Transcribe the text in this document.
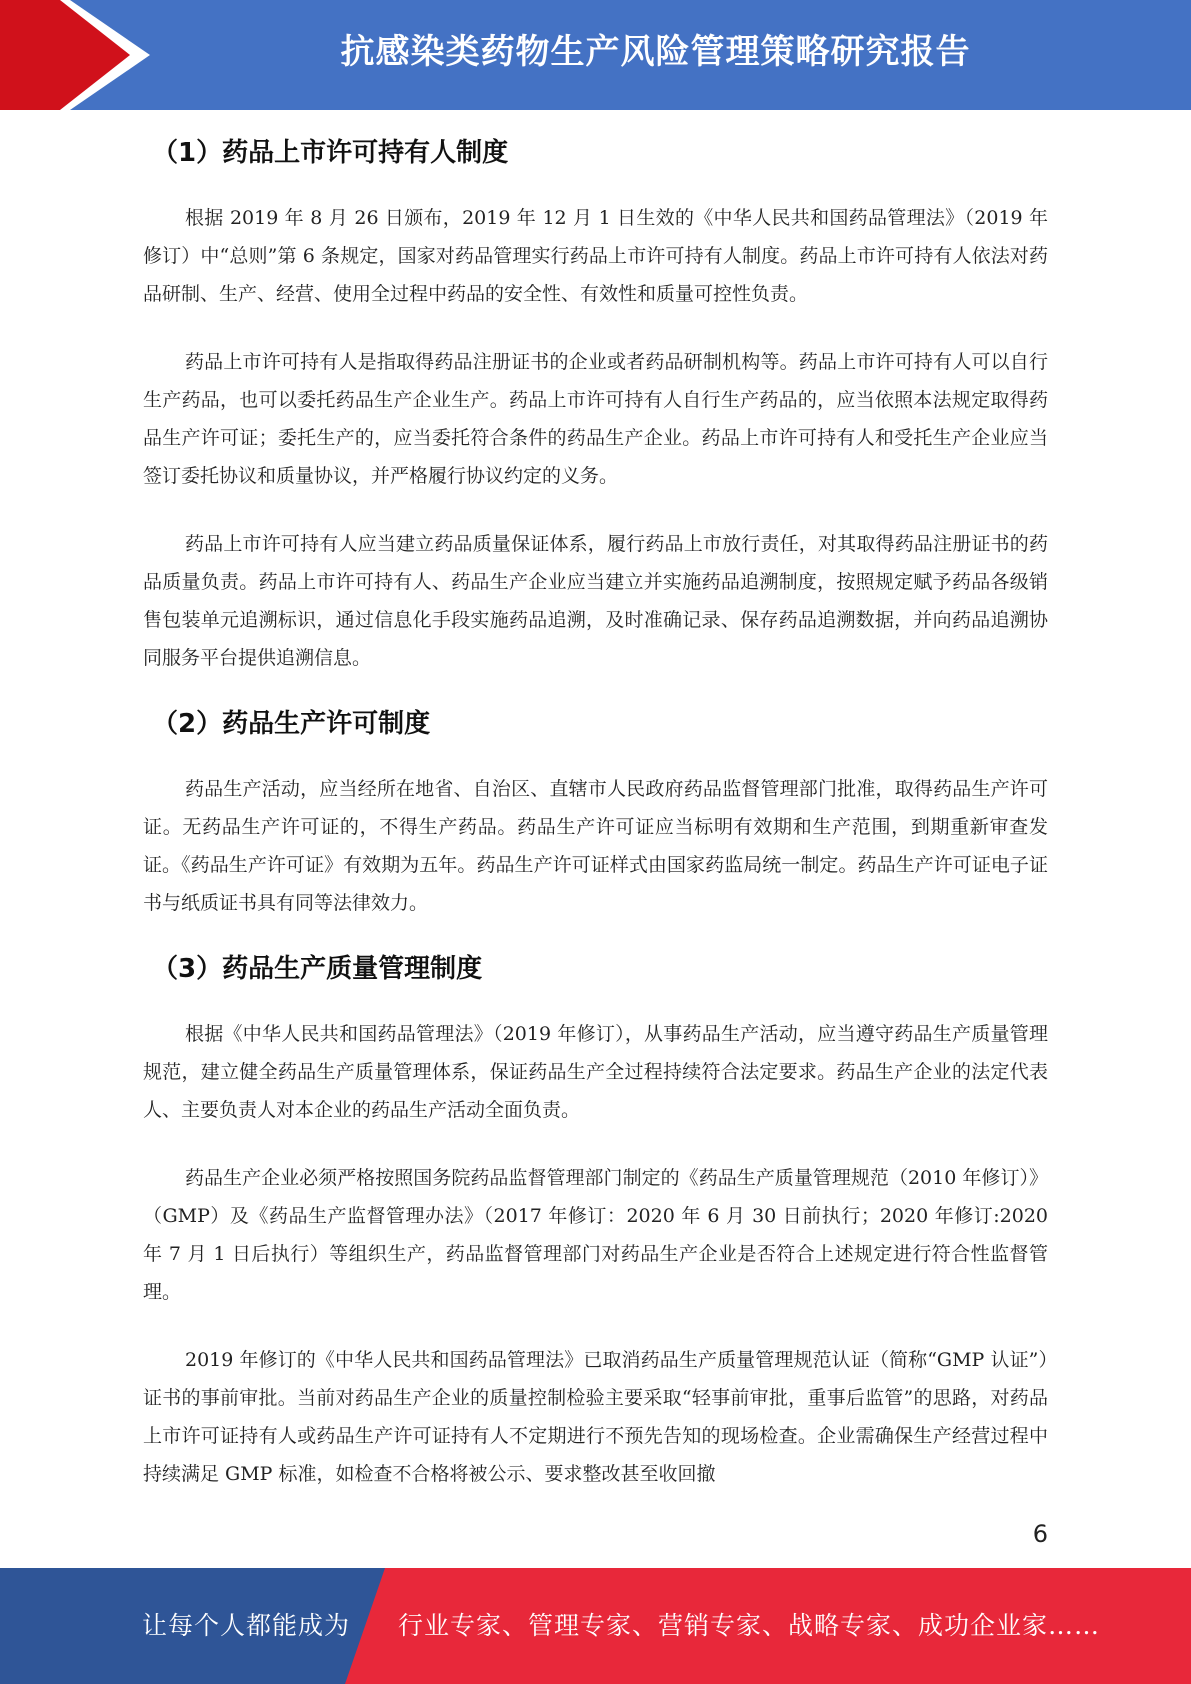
抗感染类药物生产风险管理策略研究报告
（1）药品上市许可持有人制度

根据 2019 年 8 月 26 日颁布，2019 年 12 月 1 日生效的《中华人民共和国药品管理法》（2019 年修订）中“总则”第 6 条规定，国家对药品管理实行药品上市许可持有人制度。药品上市许可持有人依法对药品研制、生产、经营、使用全过程中药品的安全性、有效性和质量可控性负责。

药品上市许可持有人是指取得药品注册证书的企业或者药品研制机构等。药品上市许可持有人可以自行生产药品，也可以委托药品生产企业生产。药品上市许可持有人自行生产药品的，应当依照本法规定取得药品生产许可证；委托生产的，应当委托符合条件的药品生产企业。药品上市许可持有人和受托生产企业应当签订委托协议和质量协议，并严格履行协议约定的义务。

药品上市许可持有人应当建立药品质量保证体系，履行药品上市放行责任，对其取得药品注册证书的药品质量负责。药品上市许可持有人、药品生产企业应当建立并实施药品追溯制度，按照规定赋予药品各级销售包装单元追溯标识，通过信息化手段实施药品追溯，及时准确记录、保存药品追溯数据，并向药品追溯协同服务平台提供追溯信息。

（2）药品生产许可制度

药品生产活动，应当经所在地省、自治区、直辖市人民政府药品监督管理部门批准，取得药品生产许可证。无药品生产许可证的，不得生产药品。药品生产许可证应当标明有效期和生产范围，到期重新审查发证。《药品生产许可证》有效期为五年。药品生产许可证样式由国家药监局统一制定。药品生产许可证电子证书与纸质证书具有同等法律效力。

（3）药品生产质量管理制度

根据《中华人民共和国药品管理法》（2019 年修订），从事药品生产活动，应当遵守药品生产质量管理规范，建立健全药品生产质量管理体系，保证药品生产全过程持续符合法定要求。药品生产企业的法定代表人、主要负责人对本企业的药品生产活动全面负责。

药品生产企业必须严格按照国务院药品监督管理部门制定的《药品生产质量管理规范（2010 年修订）》（GMP）及《药品生产监督管理办法》（2017 年修订：2020 年 6 月 30 日前执行；2020 年修订:2020 年 7 月 1 日后执行）等组织生产，药品监督管理部门对药品生产企业是否符合上述规定进行符合性监督管理。

2019 年修订的《中华人民共和国药品管理法》已取消药品生产质量管理规范认证（简称“GMP 认证”）证书的事前审批。当前对药品生产企业的质量控制检验主要采取“轻事前审批，重事后监管”的思路，对药品上市许可证持有人或药品生产许可证持有人不定期进行不预先告知的现场检查。企业需确保生产经营过程中持续满足 GMP 标准，如检查不合格将被公示、要求整改甚至收回撤

6
让每个人都能成为 行业专家、管理专家、营销专家、战略专家、成功企业家……
